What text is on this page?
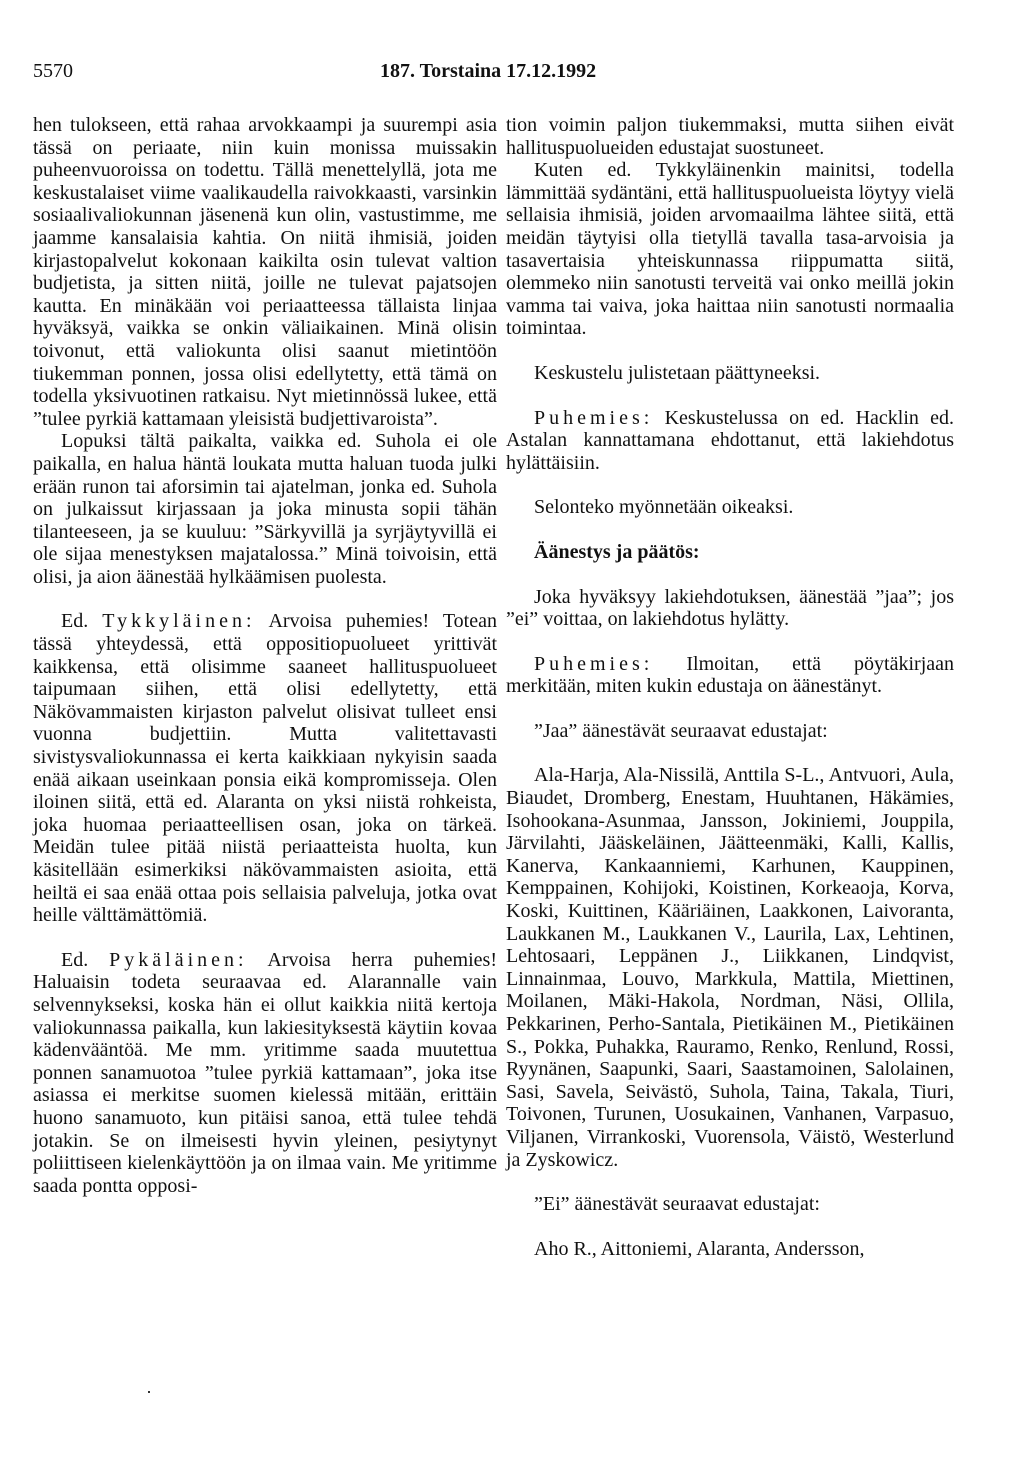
5570	187. Torstaina 17.12.1992

hen tulokseen, että rahaa arvokkaampi ja suurempi asia tässä on periaate, niin kuin monissa muissakin puheenvuoroissa on todettu. Tällä menettelyllä, jota me keskustalaiset viime vaalikaudella raivokkaasti, varsinkin sosiaalivaliokunnan jäsenenä kun olin, vastustimme, me jaamme kansalaisia kahtia. On niitä ihmisiä, joiden kirjastopalvelut kokonaan kaikilta osin tulevat valtion budjetista, ja sitten niitä, joille ne tulevat pajatsojen kautta. En minäkään voi periaatteessa tällaista linjaa hyväksyä, vaikka se onkin väliaikainen. Minä olisin toivonut, että valiokunta olisi saanut mietintöön tiukemman ponnen, jossa olisi edellytetty, että tämä on todella yksivuotinen ratkaisu. Nyt mietinnössä lukee, että ”tulee pyrkiä kattamaan yleisistä budjettivaroista”.

Lopuksi tältä paikalta, vaikka ed. Suhola ei ole paikalla, en halua häntä loukata mutta haluan tuoda julki erään runon tai aforsimin tai ajatelman, jonka ed. Suhola on julkaissut kirjassaan ja joka minusta sopii tähän tilanteeseen, ja se kuuluu: ”Särkyvillä ja syrjäytyvillä ei ole sijaa menestyksen majatalossa.” Minä toivoisin, että olisi, ja aion äänestää hylkäämisen puolesta.

Ed. Tykkyläinen: Arvoisa puhemies! Totean tässä yhteydessä, että oppositiopuolueet yrittivät kaikkensa, että olisimme saaneet hallituspuolueet taipumaan siihen, että olisi edellytetty, että Näkövammaisten kirjaston palvelut olisivat tulleet ensi vuonna budjettiin. Mutta valitettavasti sivistysvaliokunnassa ei kerta kaikkiaan nykyisin saada enää aikaan useinkaan ponsia eikä kompromisseja. Olen iloinen siitä, että ed. Alaranta on yksi niistä rohkeista, joka huomaa periaatteellisen osan, joka on tärkeä. Meidän tulee pitää niistä periaatteista huolta, kun käsitellään esimerkiksi näkövammaisten asioita, että heiltä ei saa enää ottaa pois sellaisia palveluja, jotka ovat heille välttämättömiä.

Ed. Pykäläinen: Arvoisa herra puhemies! Haluaisin todeta seuraavaa ed. Alarannalle vain selvennykseksi, koska hän ei ollut kaikkia niitä kertoja valiokunnassa paikalla, kun lakiesityksestä käytiin kovaa kädenvääntöä. Me mm. yritimme saada muutettua ponnen sanamuotoa ”tulee pyrkiä kattamaan”, joka itse asiassa ei merkitse suomen kielessä mitään, erittäin huono sanamuoto, kun pitäisi sanoa, että tulee tehdä jotakin. Se on ilmeisesti hyvin yleinen, pesiytynyt poliittiseen kielenkäyttöön ja on ilmaa vain. Me yritimme saada pontta opposi-

tion voimin paljon tiukemmaksi, mutta siihen eivät hallituspuolueiden edustajat suostuneet.

Kuten ed. Tykkyläinenkin mainitsi, todella lämmittää sydäntäni, että hallituspuolueista löytyy vielä sellaisia ihmisiä, joiden arvomaailma lähtee siitä, että meidän täytyisi olla tietyllä tavalla tasa-arvoisia ja tasavertaisia yhteiskunnassa riippumatta siitä, olemmeko niin sanotusti terveitä vai onko meillä jokin vamma tai vaiva, joka haittaa niin sanotusti normaalia toimintaa.

Keskustelu julistetaan päättyneeksi.

Puhemies: Keskustelussa on ed. Hacklin ed. Astalan kannattamana ehdottanut, että lakiehdotus hylättäisiin.

Selonteko myönnetään oikeaksi.

Äänestys ja päätös:

Joka hyväksyy lakiehdotuksen, äänestää ”jaa”; jos ”ei” voittaa, on lakiehdotus hylätty.

Puhemies: Ilmoitan, että pöytäkirjaan merkitään, miten kukin edustaja on äänestänyt.

”Jaa” äänestävät seuraavat edustajat:

Ala-Harja, Ala-Nissilä, Anttila S-L., Antvuori, Aula, Biaudet, Dromberg, Enestam, Huuhtanen, Häkämies, Isohookana-Asunmaa, Jansson, Jokiniemi, Jouppila, Järvilahti, Jääskeläinen, Jäätteenmäki, Kalli, Kallis, Kanerva, Kankaanniemi, Karhunen, Kauppinen, Kemppainen, Kohijoki, Koistinen, Korkeaoja, Korva, Koski, Kuittinen, Kääriäinen, Laakkonen, Laivoranta, Laukkanen M., Laukkanen V., Laurila, Lax, Lehtinen, Lehtosaari, Leppänen J., Liikkanen, Lindqvist, Linnainmaa, Louvo, Markkula, Mattila, Miettinen, Moilanen, Mäki-Hakola, Nordman, Näsi, Ollila, Pekkarinen, Perho-Santala, Pietikäinen M., Pietikäinen S., Pokka, Puhakka, Rauramo, Renko, Renlund, Rossi, Ryynänen, Saapunki, Saari, Saastamoinen, Salolainen, Sasi, Savela, Seivästö, Suhola, Taina, Takala, Tiuri, Toivonen, Turunen, Uosukainen, Vanhanen, Varpasuo, Viljanen, Virrankoski, Vuorensola, Väistö, Westerlund ja Zyskowicz.

”Ei” äänestävät seuraavat edustajat:

Aho R., Aittoniemi, Alaranta, Andersson,
